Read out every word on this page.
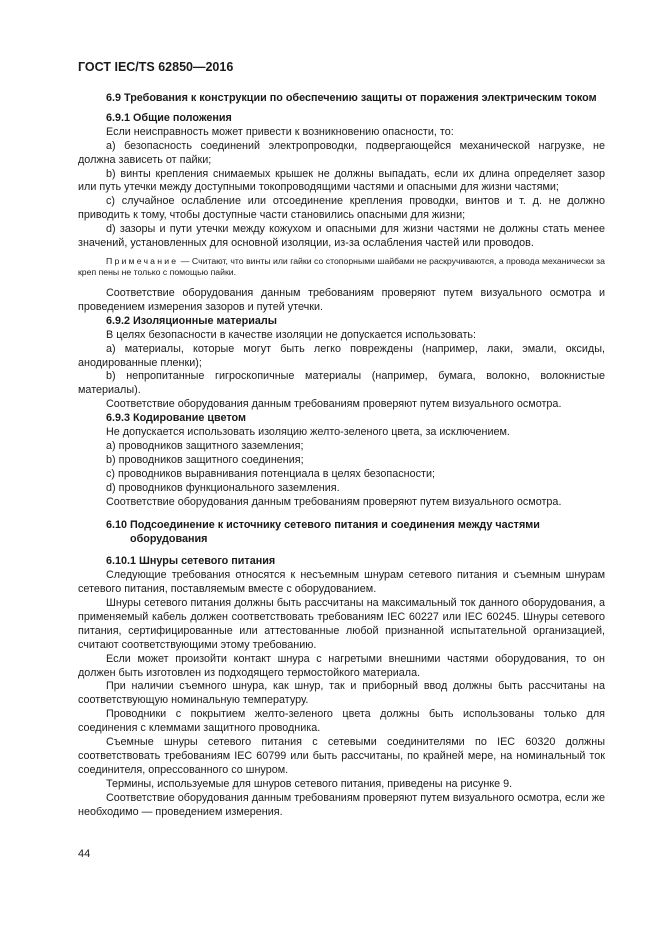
ГОСТ IEC/TS 62850—2016

6.9 Требования к конструкции по обеспечению защиты от поражения электрическим током

6.9.1 Общие положения

Если неисправность может привести к возникновению опасности, то:

a) безопасность соединений электропроводки, подвергающейся механической нагрузке, не должна зависеть от пайки;

b) винты крепления снимаемых крышек не должны выпадать, если их длина определяет зазор или путь утечки между доступными токопроводящими частями и опасными для жизни частями;

c) случайное ослабление или отсоединение крепления проводки, винтов и т. д. не должно приводить к тому, чтобы доступные части становились опасными для жизни;

d) зазоры и пути утечки между кожухом и опасными для жизни частями не должны стать менее значений, установленных для основной изоляции, из-за ослабления частей или проводов.

Примечание — Считают, что винты или гайки со стопорными шайбами не раскручиваются, а провода механически за креп пены не только с помощью пайки.

Соответствие оборудования данным требованиям проверяют путем визуального осмотра и проведением измерения зазоров и путей утечки.

6.9.2 Изоляционные материалы

В целях безопасности в качестве изоляции не допускается использовать:

a) материалы, которые могут быть легко повреждены (например, лаки, эмали, оксиды, анодированные пленки);

b) непропитанные гигроскопичные материалы (например, бумага, волокно, волокнистые материалы).

Соответствие оборудования данным требованиям проверяют путем визуального осмотра.

6.9.3 Кодирование цветом

Не допускается использовать изоляцию желто-зеленого цвета, за исключением.

a) проводников защитного заземления;

b) проводников защитного соединения;

c) проводников выравнивания потенциала в целях безопасности;

d) проводников функционального заземления.

Соответствие оборудования данным требованиям проверяют путем визуального осмотра.

6.10 Подсоединение к источнику сетевого питания и соединения между частями
оборудования

6.10.1 Шнуры сетевого питания

Следующие требования относятся к несъемным шнурам сетевого питания и съемным шнурам сетевого питания, поставляемым вместе с оборудованием.

Шнуры сетевого питания должны быть рассчитаны на максимальный ток данного оборудования, а применяемый кабель должен соответствовать требованиям IEC 60227 или IEC 60245. Шнуры сетевого питания, сертифицированные или аттестованные любой признанной испытательной организацией, считают соответствующими этому требованию.

Если может произойти контакт шнура с нагретыми внешними частями оборудования, то он должен быть изготовлен из подходящего термостойкого материала.

При наличии съемного шнура, как шнур, так и приборный ввод должны быть рассчитаны на соответствующую номинальную температуру.

Проводники с покрытием желто-зеленого цвета должны быть использованы только для соединения с клеммами защитного проводника.

Съемные шнуры сетевого питания с сетевыми соединителями по IEC 60320 должны соответствовать требованиям IEC 60799 или быть рассчитаны, по крайней мере, на номинальный ток соединителя, опрессованного со шнуром.

Термины, используемые для шнуров сетевого питания, приведены на рисунке 9.

Соответствие оборудования данным требованиям проверяют путем визуального осмотра, если же необходимо — проведением измерения.

44
